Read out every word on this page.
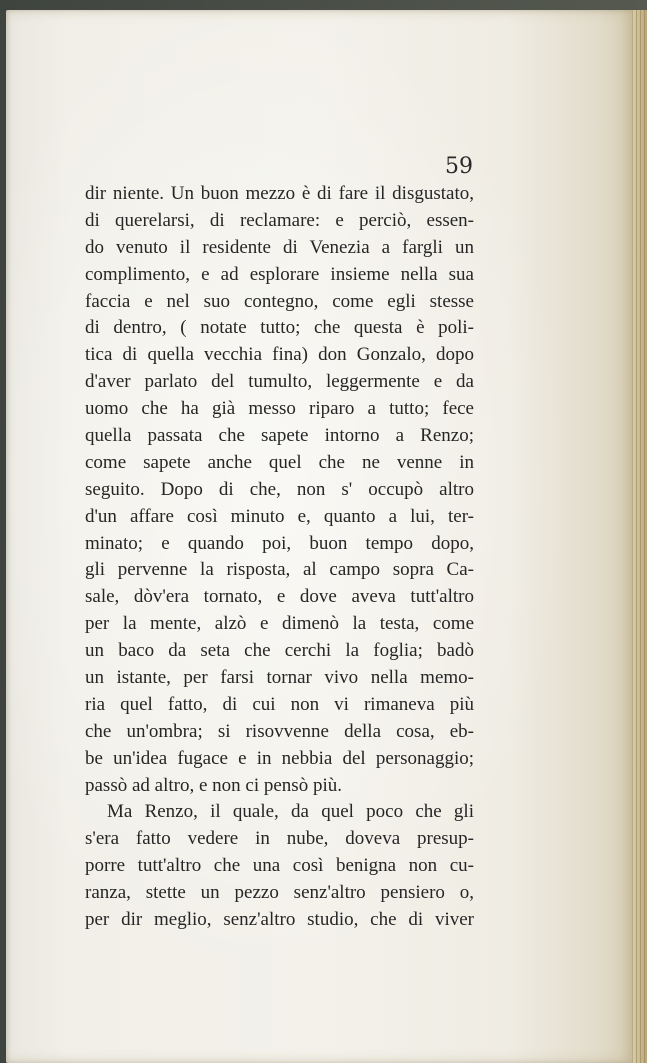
59
dir niente. Un buon mezzo è di fare il disgustato,
di querelarsi, di reclamare: e perciò, essen-
do venuto il residente di Venezia a fargli un
complimento, e ad esplorare insieme nella sua
faccia e nel suo contegno, come egli stesse
di dentro, ( notate tutto; che questa è poli-
tica di quella vecchia fina) don Gonzalo, dopo
d'aver parlato del tumulto, leggermente e da
uomo che ha già messo riparo a tutto; fece
quella passata che sapete intorno a Renzo;
come sapete anche quel che ne venne in
seguito. Dopo di che, non s' occupò altro
d'un affare così minuto e, quanto a lui, ter-
minato; e quando poi, buon tempo dopo,
gli pervenne la risposta, al campo sopra Ca-
sale, dòv'era tornato, e dove aveva tutt'altro
per la mente, alzò e dimenò la testa, come
un baco da seta che cerchi la foglia; badò
un istante, per farsi tornar vivo nella memo-
ria quel fatto, di cui non vi rimaneva più
che un'ombra; si risovvenne della cosa, eb-
be un'idea fugace e in nebbia del personaggio;
passò ad altro, e non ci pensò più.
Ma Renzo, il quale, da quel poco che gli
s'era fatto vedere in nube, doveva presup-
porre tutt'altro che una così benigna non cu-
ranza, stette un pezzo senz'altro pensiero o,
per dir meglio, senz'altro studio, che di viver
